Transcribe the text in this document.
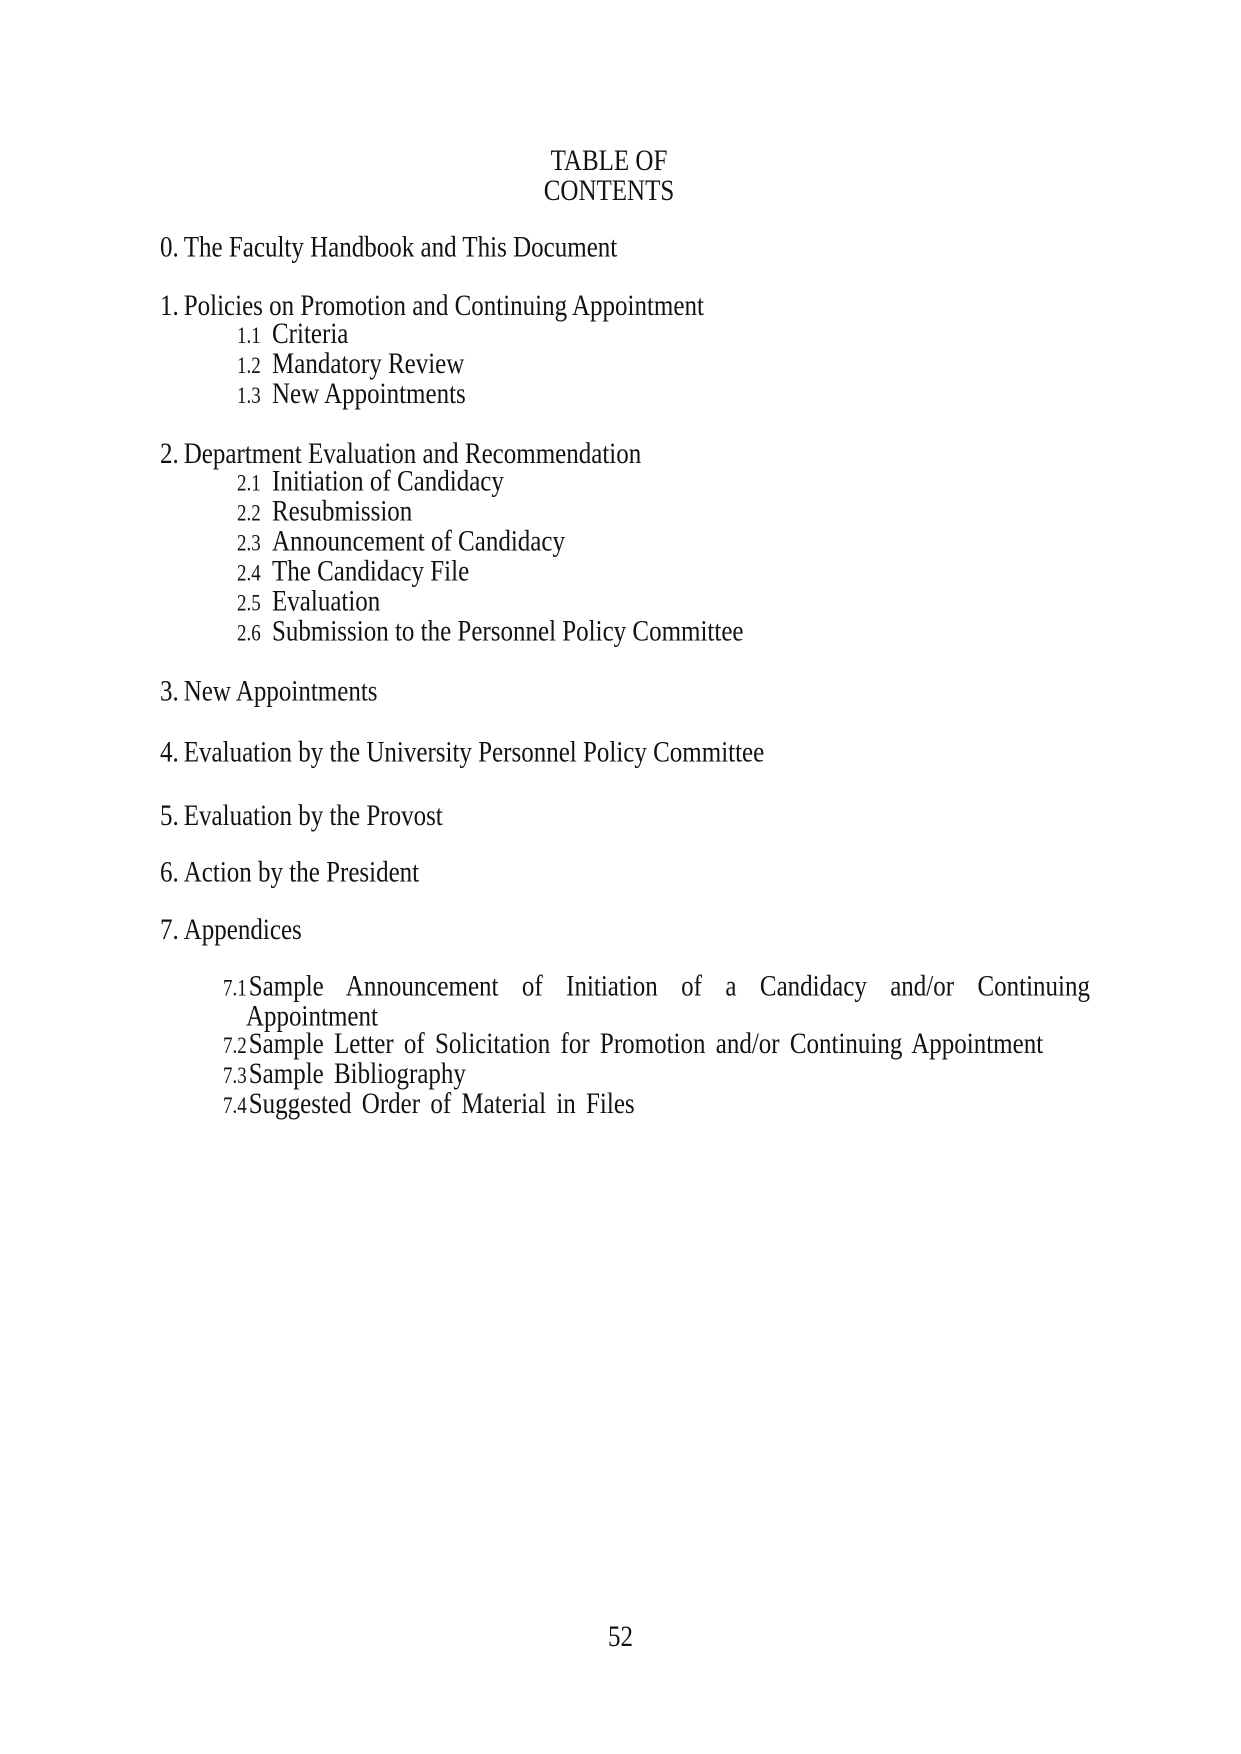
TABLE OF
CONTENTS
0. The Faculty Handbook and This Document
1. Policies on Promotion and Continuing Appointment
1.1 Criteria
1.2 Mandatory Review
1.3 New Appointments
2. Department Evaluation and Recommendation
2.1 Initiation of Candidacy
2.2 Resubmission
2.3 Announcement of Candidacy
2.4 The Candidacy File
2.5 Evaluation
2.6 Submission to the Personnel Policy Committee
3. New Appointments
4. Evaluation by the University Personnel Policy Committee
5. Evaluation by the Provost
6. Action by the President
7. Appendices
7.1Sample Announcement of Initiation of a Candidacy and/or Continuing
Appointment
7.2Sample Letter of Solicitation for Promotion and/or Continuing Appointment
7.3Sample Bibliography
7.4Suggested Order of Material in Files
52
